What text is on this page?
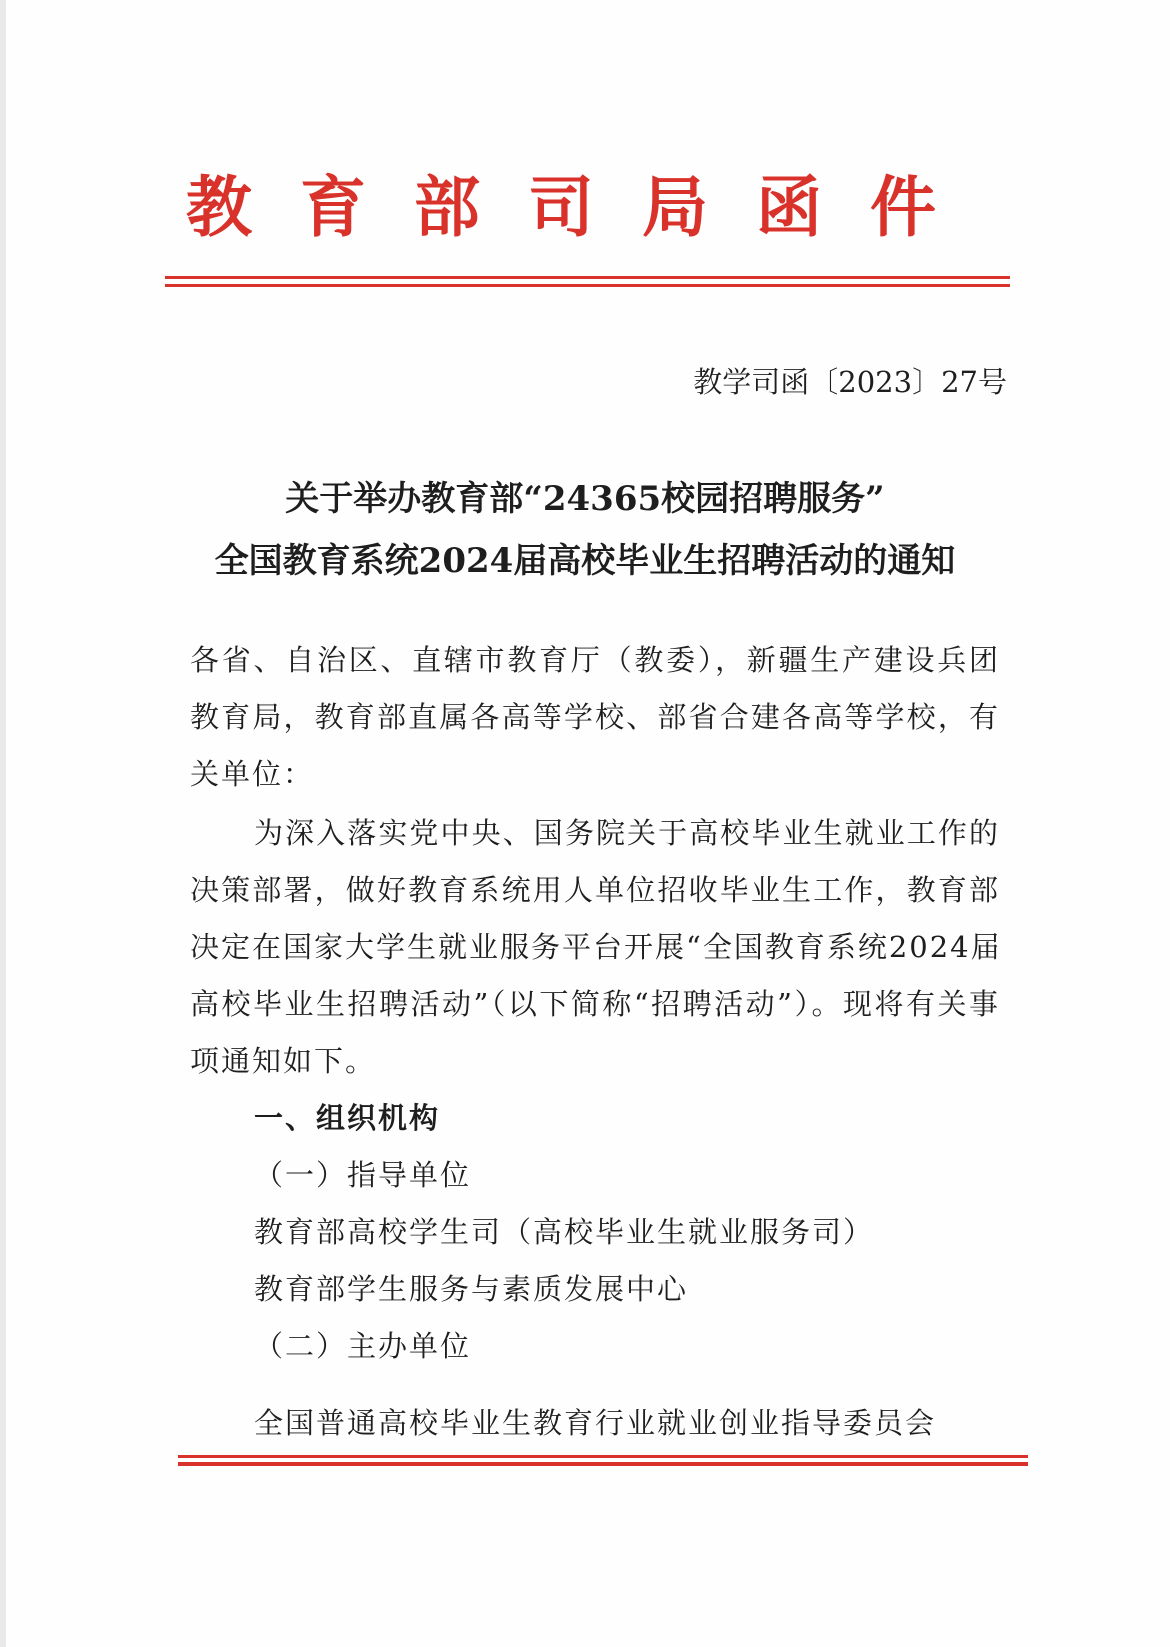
教育部司局函件
教学司函〔2023〕27号
关于举办教育部“24365校园招聘服务”
全国教育系统2024届高校毕业生招聘活动的通知
各省、自治区、直辖市教育厅（教委），新疆生产建设兵团
教育局，教育部直属各高等学校、部省合建各高等学校，有
关单位：
为深入落实党中央、国务院关于高校毕业生就业工作的
决策部署，做好教育系统用人单位招收毕业生工作，教育部
决定在国家大学生就业服务平台开展“全国教育系统2024届
高校毕业生招聘活动”（以下简称“招聘活动”）。现将有关事
项通知如下。
一、组织机构
（一）指导单位
教育部高校学生司（高校毕业生就业服务司）
教育部学生服务与素质发展中心
（二）主办单位
全国普通高校毕业生教育行业就业创业指导委员会
